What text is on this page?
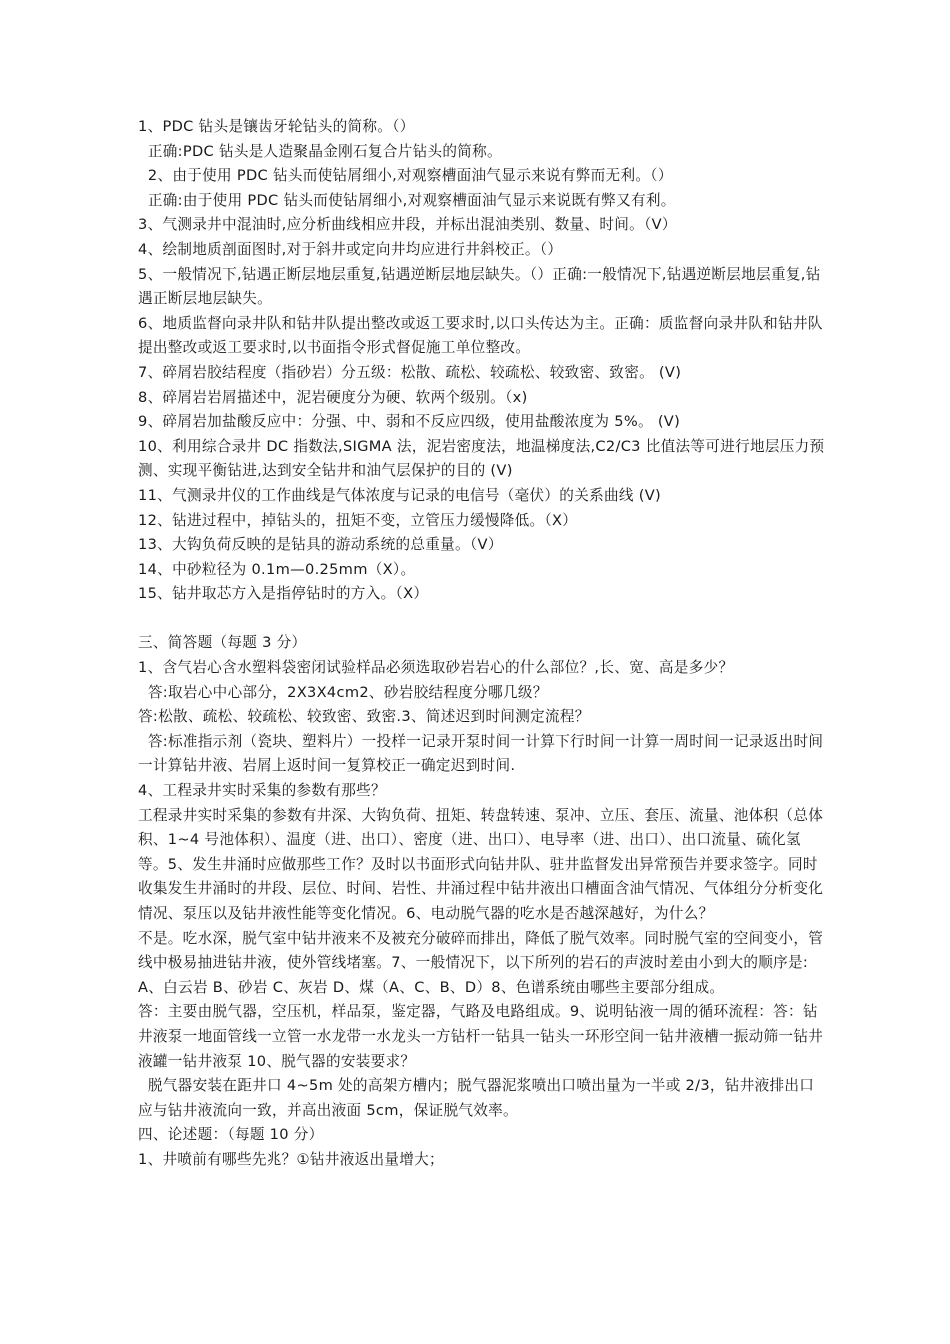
1、PDC 钻头是镶齿牙轮钻头的简称。（）

正确:PDC 钻头是人造聚晶金刚石复合片钻头的简称。

2、由于使用 PDC 钻头而使钻屑细小,对观察槽面油气显示来说有弊而无利。（）

正确:由于使用 PDC 钻头而使钻屑细小,对观察槽面油气显示来说既有弊又有利。

3、气测录井中混油时,应分析曲线相应井段，并标出混油类别、数量、时间。（V）

4、绘制地质剖面图时,对于斜井或定向井均应进行井斜校正。（）

5、一般情况下,钻遇正断层地层重复,钻遇逆断层地层缺失。（）正确:一般情况下,钻遇逆断层地层重复,钻遇正断层地层缺失。

6、地质监督向录井队和钻井队提出整改或返工要求时,以口头传达为主。正确：质监督向录井队和钻井队提出整改或返工要求时,以书面指令形式督促施工单位整改。

7、碎屑岩胶结程度（指砂岩）分五级：松散、疏松、较疏松、较致密、致密。 (V)

8、碎屑岩岩屑描述中，泥岩硬度分为硬、软两个级别。（x)

9、碎屑岩加盐酸反应中：分强、中、弱和不反应四级，使用盐酸浓度为 5%。 (V)

10、利用综合录井 DC 指数法,SIGMA 法，泥岩密度法，地温梯度法,C2/C3 比值法等可进行地层压力预测、实现平衡钻进,达到安全钻井和油气层保护的目的 (V)

11、气测录井仪的工作曲线是气体浓度与记录的电信号（毫伏）的关系曲线 (V)

12、钻进过程中，掉钻头的，扭矩不变，立管压力缓慢降低。（X）

13、大钩负荷反映的是钻具的游动系统的总重量。（V）

14、中砂粒径为 0.1m—0.25mm（X）。

15、钻井取芯方入是指停钻时的方入。（X）

三、简答题（每题 3 分）

1、含气岩心含水塑料袋密闭试验样品必须选取砂岩岩心的什么部位？,长、宽、高是多少？

答:取岩心中心部分，2X3X4cm2、砂岩胶结程度分哪几级？

答:松散、疏松、较疏松、较致密、致密.3、简述迟到时间测定流程？

答:标准指示剂（瓷块、塑料片）一投样一记录开泵时间一计算下行时间一计算一周时间一记录返出时间一计算钻井液、岩屑上返时间一复算校正一确定迟到时间.

4、工程录井实时采集的参数有那些？

工程录井实时采集的参数有井深、大钩负荷、扭矩、转盘转速、泵冲、立压、套压、流量、池体积（总体积、1~4 号池体积）、温度（进、出口）、密度（进、出口）、电导率（进、出口）、出口流量、硫化氢等。5、发生井涌时应做那些工作？及时以书面形式向钻井队、驻井监督发出异常预告并要求签字。同时收集发生井涌时的井段、层位、时间、岩性、井涌过程中钻井液出口槽面含油气情况、气体组分分析变化情况、泵压以及钻井液性能等变化情况。6、电动脱气器的吃水是否越深越好，为什么？

不是。吃水深，脱气室中钻井液来不及被充分破碎而排出，降低了脱气效率。同时脱气室的空间变小，管线中极易抽进钻井液，使外管线堵塞。7、一般情况下，以下所列的岩石的声波时差由小到大的顺序是:A、白云岩 B、砂岩 C、灰岩 D、煤（A、C、B、D）8、色谱系统由哪些主要部分组成。

答：主要由脱气器，空压机，样品泵，鉴定器，气路及电路组成。9、说明钻液一周的循环流程：答：钻井液泵一地面管线一立管一水龙带一水龙头一方钻杆一钻具一钻头一环形空间一钻井液槽一振动筛一钻井液罐一钻井液泵 10、脱气器的安装要求？

脱气器安装在距井口 4~5m 处的高架方槽内；脱气器泥浆喷出口喷出量为一半或 2/3，钻井液排出口应与钻井液流向一致，并高出液面 5cm，保证脱气效率。

四、论述题：（每题 10 分）

1、井喷前有哪些先兆？①钻井液返出量增大；
